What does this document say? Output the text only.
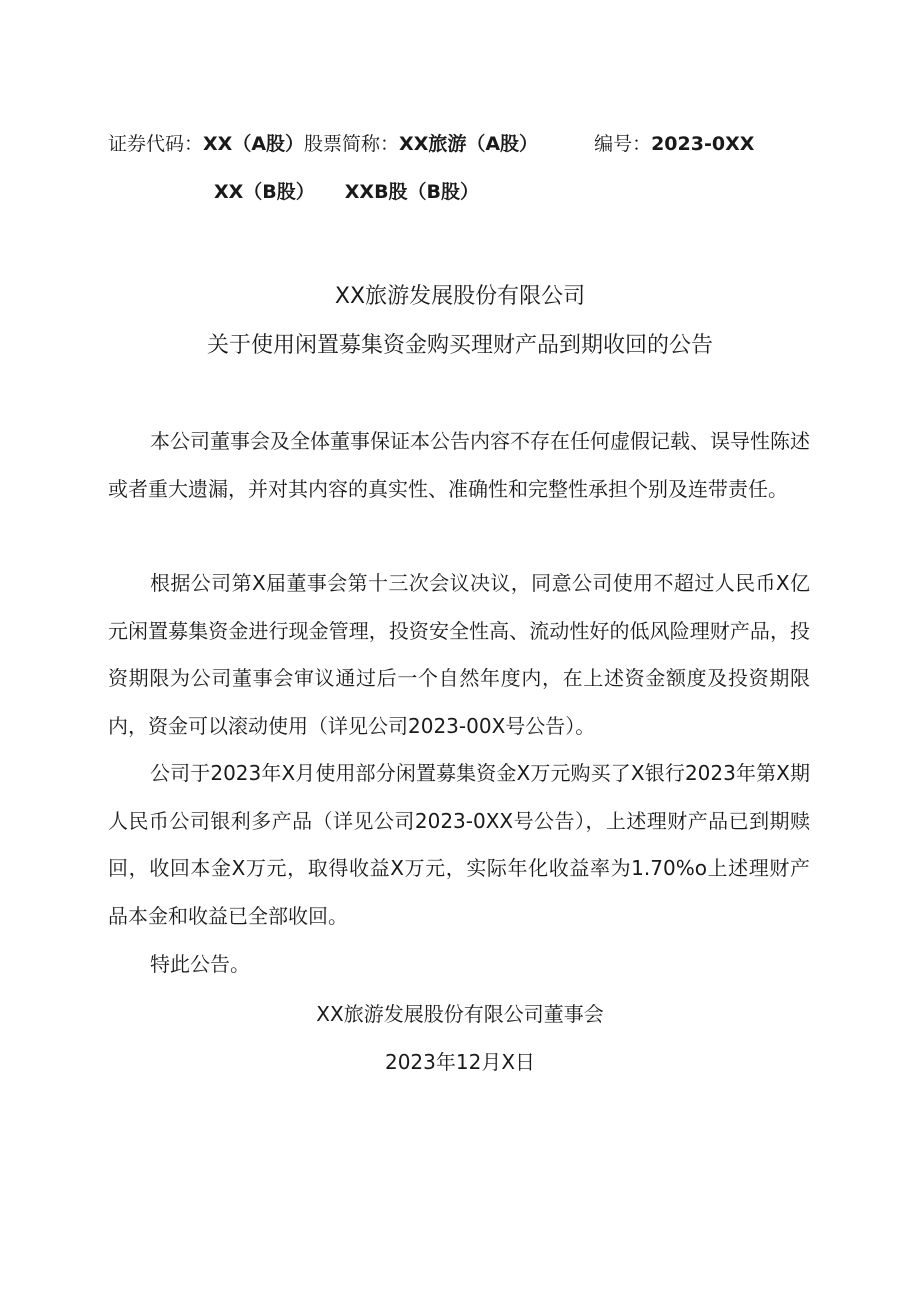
证券代码：XX（A股）股票简称：XX旅游（A股）	编号：2023-0XX
XX（B股） XXB股（B股）
XX旅游发展股份有限公司
关于使用闲置募集资金购买理财产品到期收回的公告

本公司董事会及全体董事保证本公告内容不存在任何虚假记载、误导性陈述或者重大遗漏，并对其内容的真实性、准确性和完整性承担个别及连带责任。

根据公司第X届董事会第十三次会议决议，同意公司使用不超过人民币X亿元闲置募集资金进行现金管理，投资安全性高、流动性好的低风险理财产品，投资期限为公司董事会审议通过后一个自然年度内，在上述资金额度及投资期限内，资金可以滚动使用（详见公司2023-00X号公告）。

公司于2023年X月使用部分闲置募集资金X万元购买了X银行2023年第X期人民币公司银利多产品（详见公司2023-0XX号公告），上述理财产品已到期赎回，收回本金X万元，取得收益X万元，实际年化收益率为1.70%o上述理财产品本金和收益已全部收回。

特此公告。

XX旅游发展股份有限公司董事会
2023年12月X日
